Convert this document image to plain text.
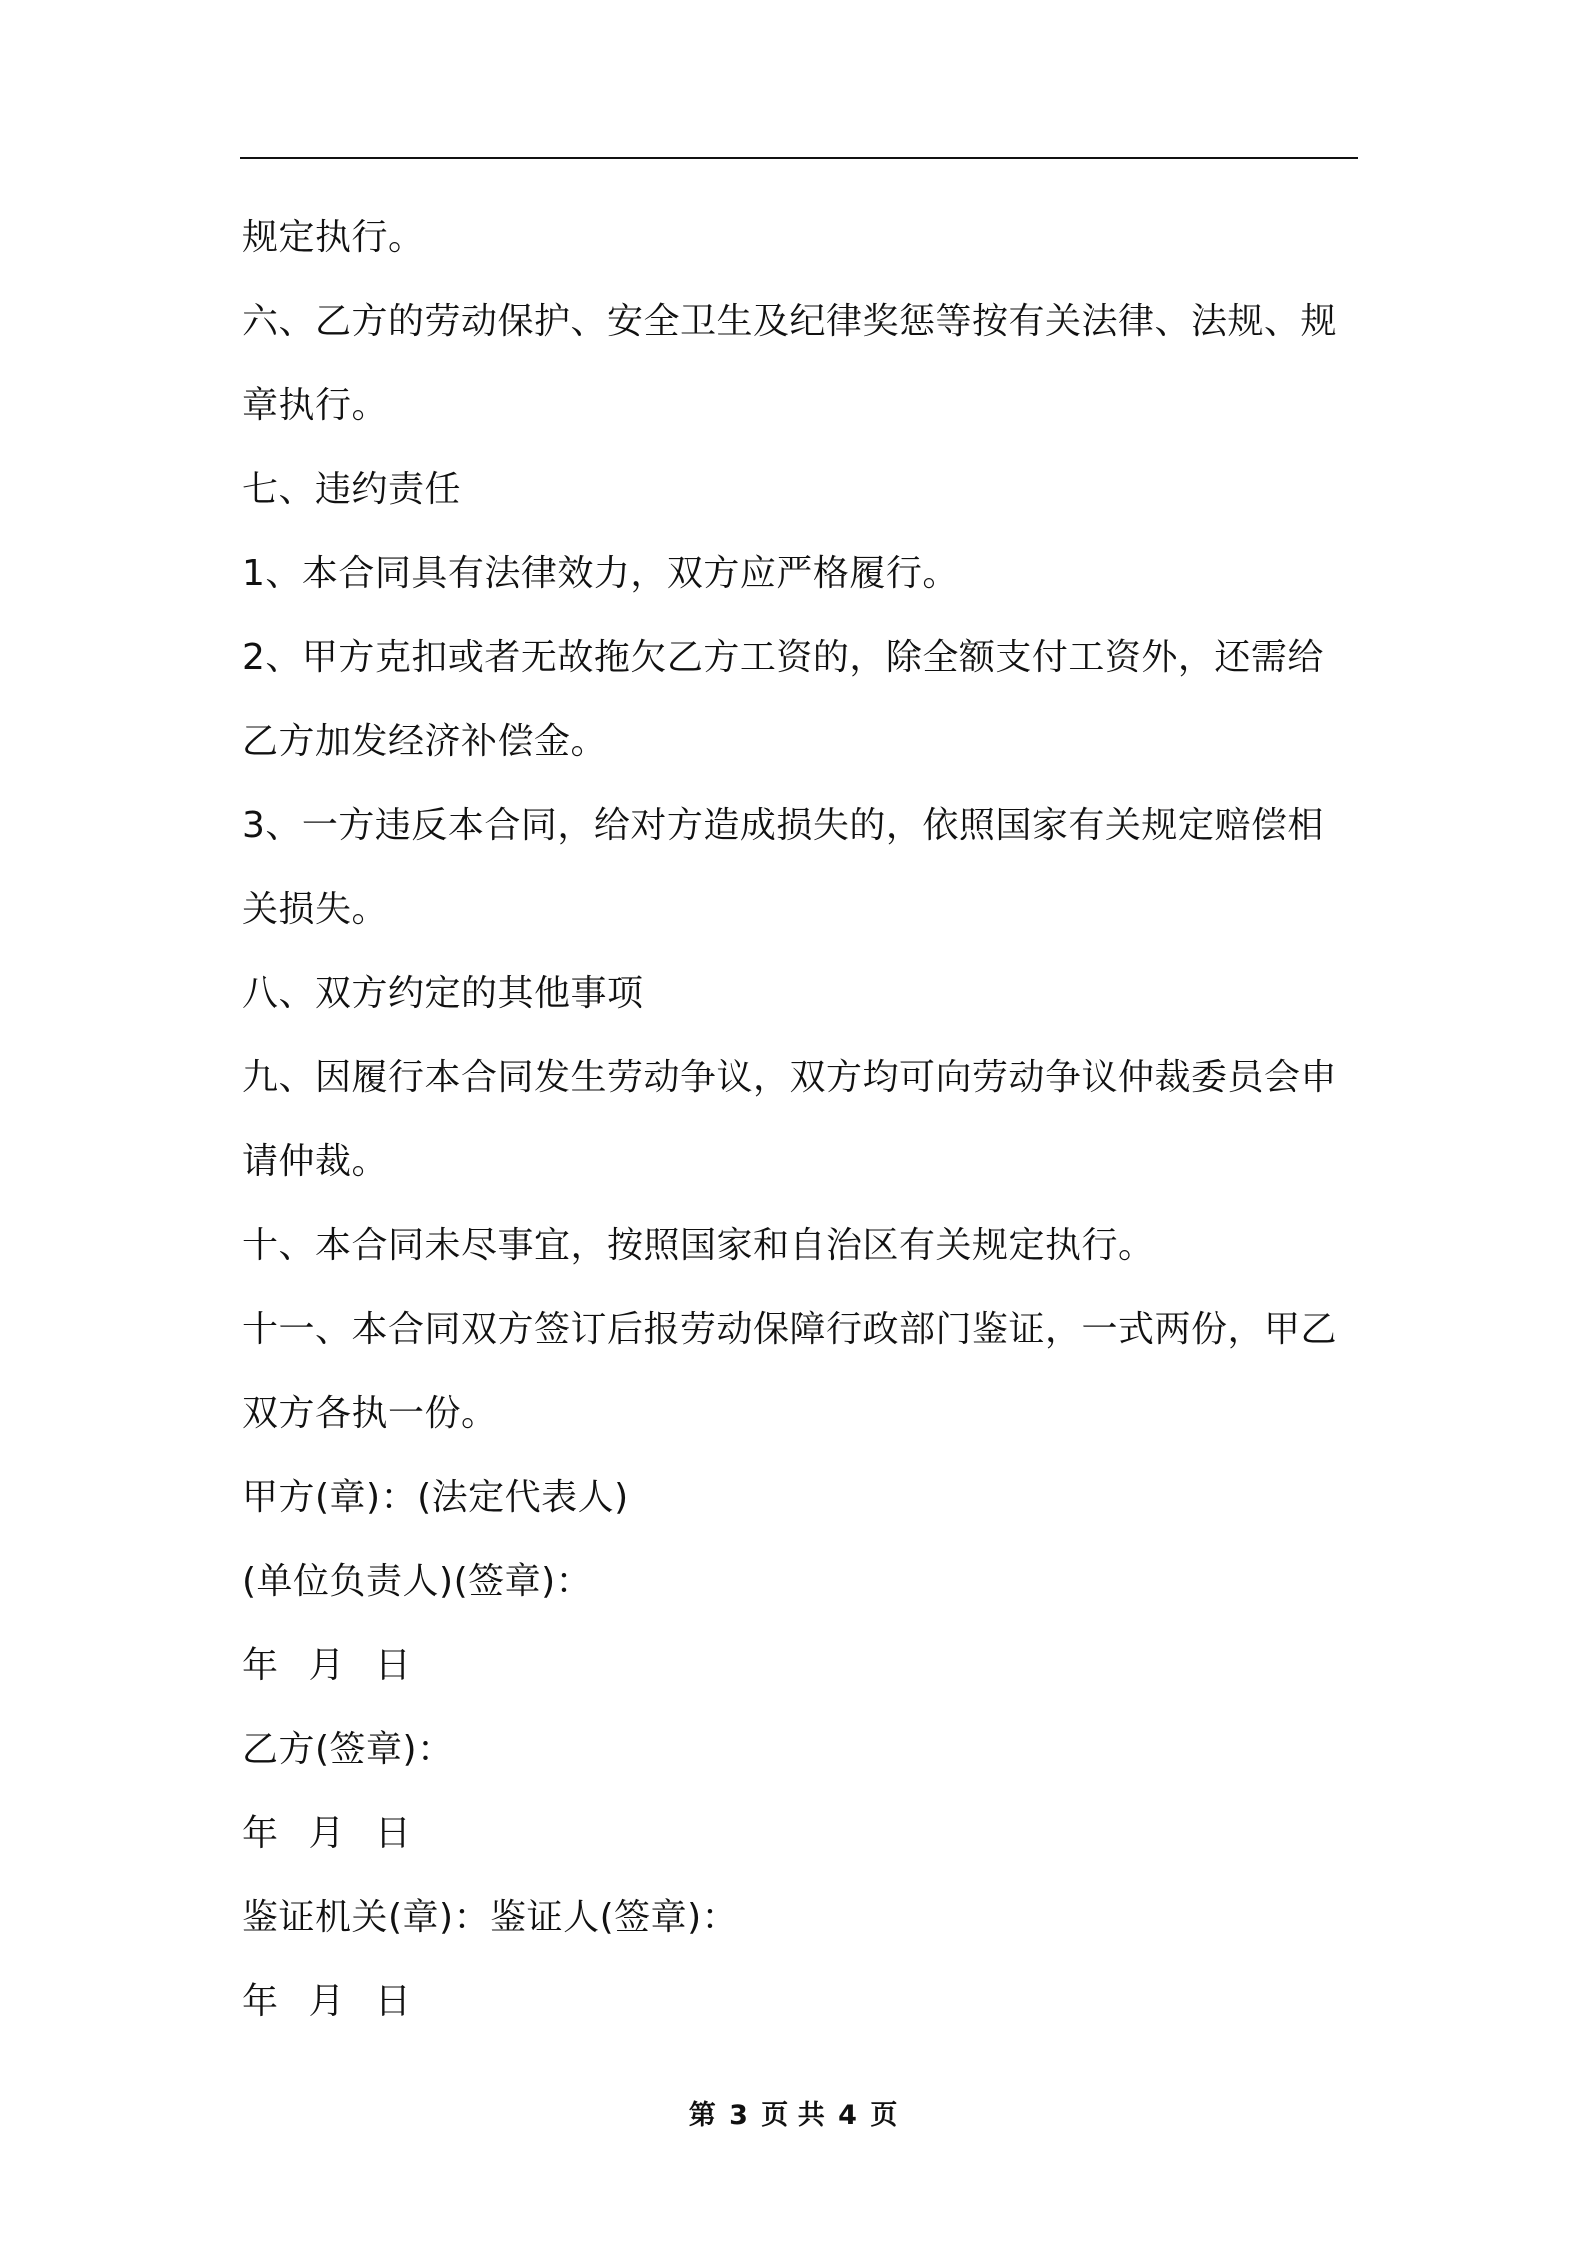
规定执行。
六、乙方的劳动保护、安全卫生及纪律奖惩等按有关法律、法规、规
章执行。
七、违约责任
1、本合同具有法律效力，双方应严格履行。
2、甲方克扣或者无故拖欠乙方工资的，除全额支付工资外，还需给
乙方加发经济补偿金。
3、一方违反本合同，给对方造成损失的，依照国家有关规定赔偿相
关损失。
八、双方约定的其他事项
九、因履行本合同发生劳动争议，双方均可向劳动争议仲裁委员会申
请仲裁。
十、本合同未尽事宜，按照国家和自治区有关规定执行。
十一、本合同双方签订后报劳动保障行政部门鉴证，一式两份，甲乙
双方各执一份。
甲方(章)：(法定代表人)
(单位负责人)(签章)：
年 月 日
乙方(签章)：
年 月 日
鉴证机关(章)：鉴证人(签章)：
年 月 日
第 3 页 共 4 页
